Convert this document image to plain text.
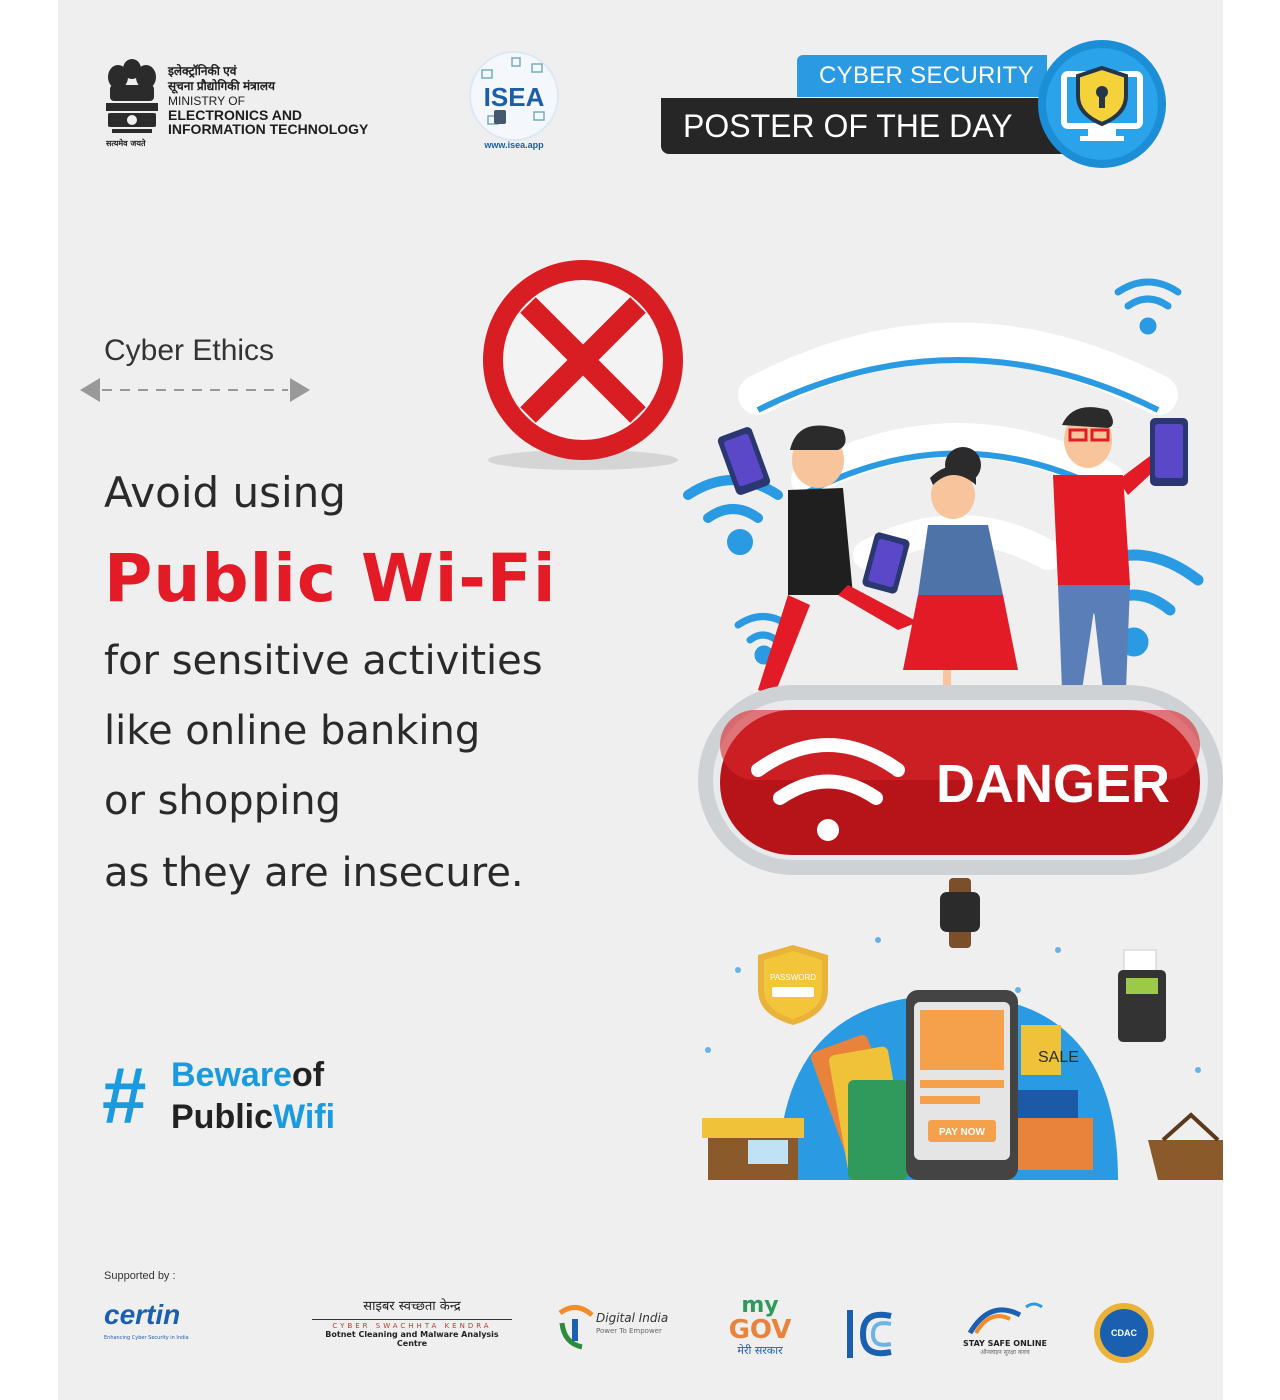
सत्यमेव जयते
इलेक्ट्रॉनिकी एवं
सूचना प्रौद्योगिकी मंत्रालय
MINISTRY OF
ELECTRONICS AND
INFORMATION TECHNOLOGY
ISEA
www.isea.app
CYBER SECURITY
POSTER OF THE DAY
Cyber Ethics
Avoid using
Public Wi-Fi
for sensitive activities
like online banking
or shopping
as they are insecure.
# Bewareof
PublicWifi
DANGER
SALE
PAY NOW
PASSWORD
Supported by :
certin
Enhancing Cyber Security in India
साइबर स्वच्छता केन्द्र
CYBER SWACHHTA KENDRA
Botnet Cleaning and Malware Analysis Centre
Digital India
Power To Empower
my
GOV
मेरी सरकार
STAY SAFE ONLINE
ऑनलाइन सुरक्षा कवच
CDAC
